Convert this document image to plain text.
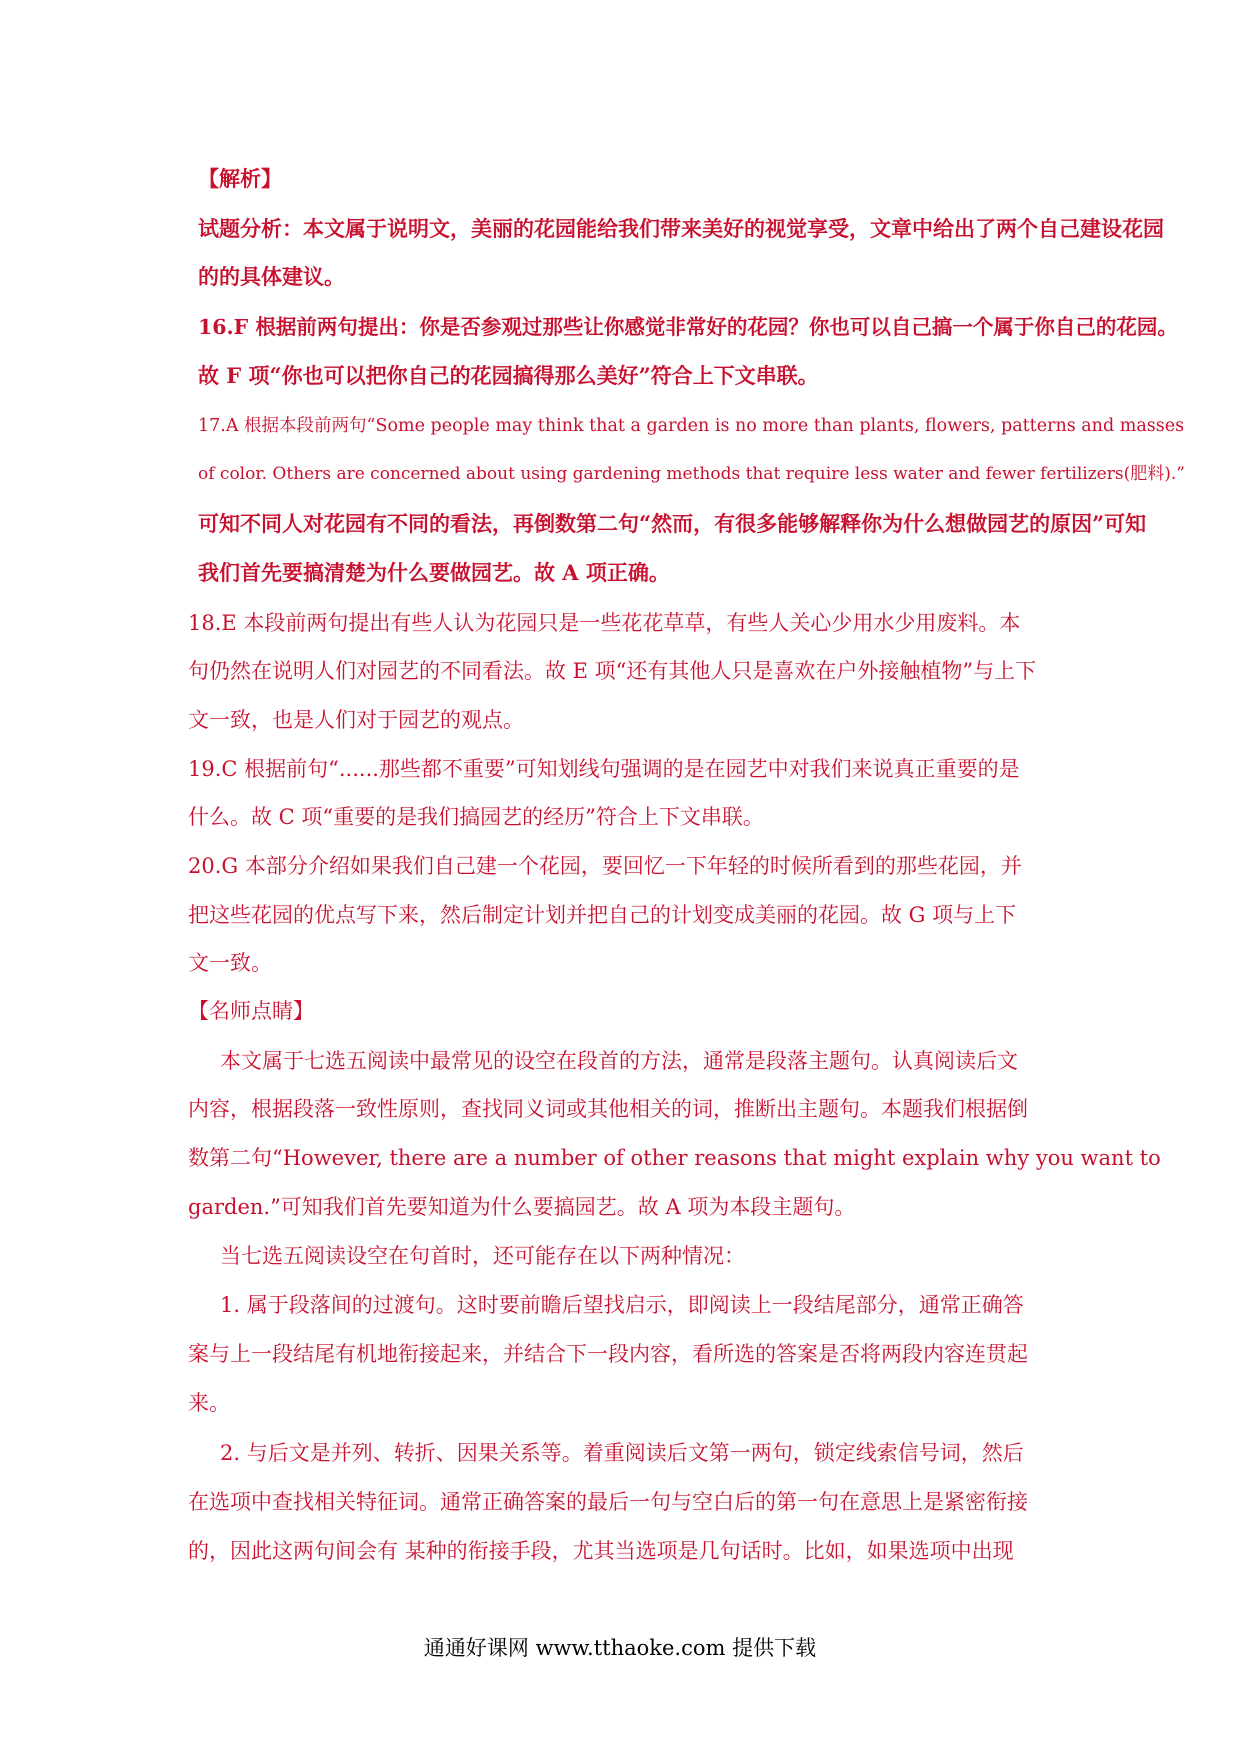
【解析】
试题分析：本文属于说明文，美丽的花园能给我们带来美好的视觉享受，文章中给出了两个自己建设花园
的的具体建议。
16.F 根据前两句提出：你是否参观过那些让你感觉非常好的花园？你也可以自己搞一个属于你自己的花园。
故 F 项“你也可以把你自己的花园搞得那么美好”符合上下文串联。
17.A 根据本段前两句“Some people may think that a garden is no more than plants, flowers, patterns and masses
of color. Others are concerned about using gardening methods that require less water and fewer fertilizers(肥料).”
可知不同人对花园有不同的看法，再倒数第二句“然而，有很多能够解释你为什么想做园艺的原因”可知
我们首先要搞清楚为什么要做园艺。故 A 项正确。
18.E 本段前两句提出有些人认为花园只是一些花花草草，有些人关心少用水少用废料。本
句仍然在说明人们对园艺的不同看法。故 E 项“还有其他人只是喜欢在户外接触植物”与上下
文一致，也是人们对于园艺的观点。
19.C 根据前句“......那些都不重要”可知划线句强调的是在园艺中对我们来说真正重要的是
什么。故 C 项“重要的是我们搞园艺的经历”符合上下文串联。
20.G 本部分介绍如果我们自己建一个花园，要回忆一下年轻的时候所看到的那些花园，并
把这些花园的优点写下来，然后制定计划并把自己的计划变成美丽的花园。故 G 项与上下
文一致。
【名师点睛】
本文属于七选五阅读中最常见的设空在段首的方法，通常是段落主题句。认真阅读后文
内容，根据段落一致性原则，查找同义词或其他相关的词，推断出主题句。本题我们根据倒
数第二句“However, there are a number of other reasons that might explain why you want to
garden.”可知我们首先要知道为什么要搞园艺。故 A 项为本段主题句。
当七选五阅读设空在句首时，还可能存在以下两种情况：
1. 属于段落间的过渡句。这时要前瞻后望找启示，即阅读上一段结尾部分，通常正确答
案与上一段结尾有机地衔接起来，并结合下一段内容，看所选的答案是否将两段内容连贯起
来。
2. 与后文是并列、转折、因果关系等。着重阅读后文第一两句，锁定线索信号词，然后
在选项中查找相关特征词。通常正确答案的最后一句与空白后的第一句在意思上是紧密衔接
的，因此这两句间会有 某种的衔接手段，尤其当选项是几句话时。比如，如果选项中出现
通通好课网 www.tthaoke.com 提供下载
